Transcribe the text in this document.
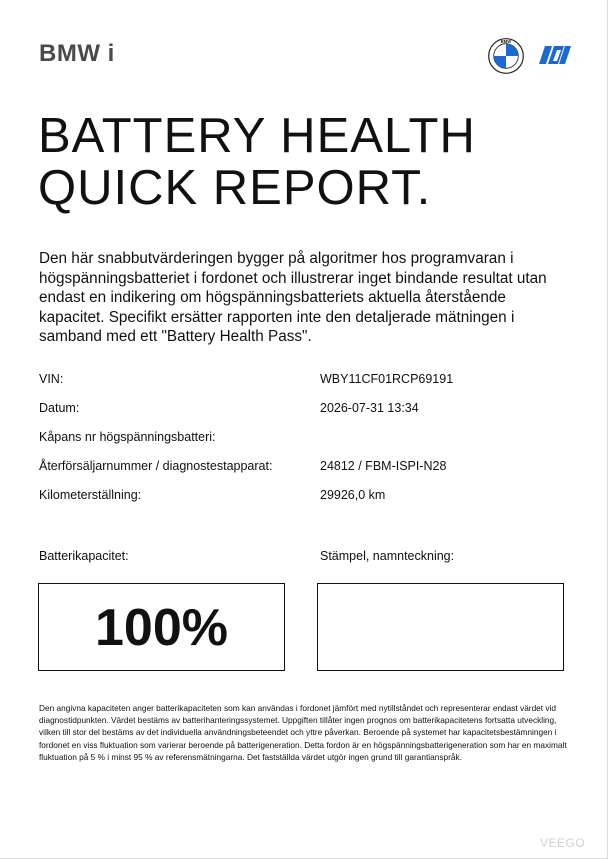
BMW i	BMW
BATTERY HEALTH
QUICK REPORT.

Den här snabbutvärderingen bygger på algoritmer hos programvaran i högspänningsbatteriet i fordonet och illustrerar inget bindande resultat utan endast en indikering om högspänningsbatteriets aktuella återstående kapacitet. Specifikt ersätter rapporten inte den detaljerade mätningen i samband med ett "Battery Health Pass".

VIN:	WBY11CF01RCP69191
Datum:	2026-07-31 13:34
Kåpans nr högspänningsbatteri:
Återförsäljarnummer / diagnostestapparat:	24812 / FBM-ISPI-N28
Kilometerställning:	29926,0 km
Batterikapacitet:	Stämpel, namnteckning:
100%

Den angivna kapaciteten anger batterikapaciteten som kan användas i fordonet jämfört med nytillståndet och representerar endast värdet vid diagnostidpunkten. Värdet bestäms av batterihanteringssystemet. Uppgiften tillåter ingen prognos om batterikapacitetens fortsatta utveckling, vilken till stor del bestäms av det individuella användningsbeteendet och yttre påverkan. Beroende på systemet har kapacitetsbestämningen i fordonet en viss fluktuation som varierar beroende på batterigeneration. Detta fordon är en högspänningsbatterigeneration som har en maximalt fluktuation på 5 % i minst 95 % av referensmätningarna. Det fastställda värdet utgör ingen grund till garantianspråk.

VEEGO
